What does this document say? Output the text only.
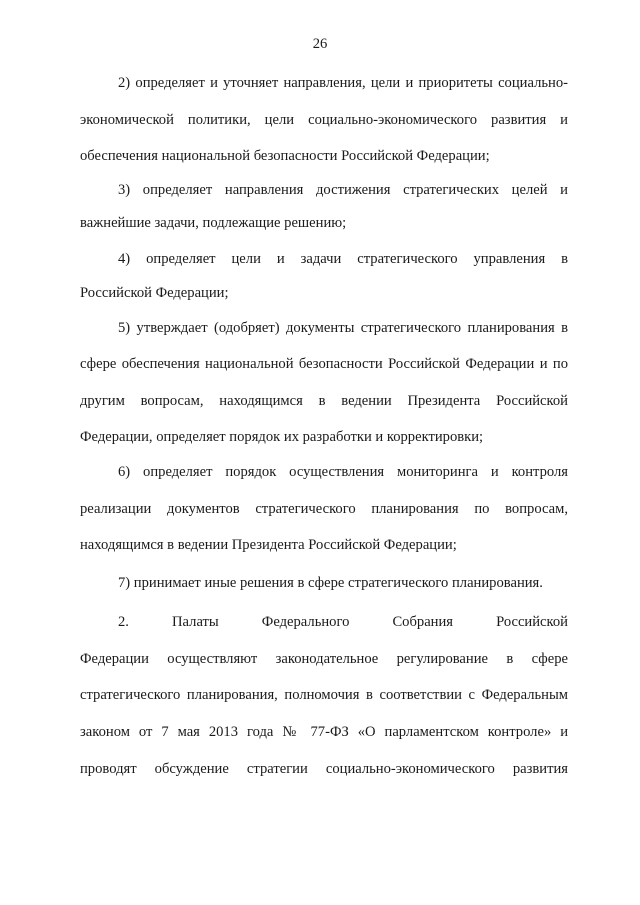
26
2) определяет и уточняет направления, цели и приоритеты социально-
экономической политики, цели социально-экономического развития и
обеспечения национальной безопасности Российской Федерации;
3) определяет направления достижения стратегических целей и
важнейшие задачи, подлежащие решению;
4) определяет цели и задачи стратегического управления в
Российской Федерации;
5) утверждает (одобряет) документы стратегического планирования в
сфере обеспечения национальной безопасности Российской Федерации и по
другим вопросам, находящимся в ведении Президента Российской
Федерации, определяет порядок их разработки и корректировки;
6) определяет порядок осуществления мониторинга и контроля
реализации документов стратегического планирования по вопросам,
находящимся в ведении Президента Российской Федерации;
7) принимает иные решения в сфере стратегического планирования.
2. Палаты Федерального Собрания Российской
Федерации осуществляют законодательное регулирование в сфере
стратегического планирования, полномочия в соответствии с Федеральным
законом от 7 мая 2013 года № 77-ФЗ «О парламентском контроле» и
проводят обсуждение стратегии социально-экономического развития
